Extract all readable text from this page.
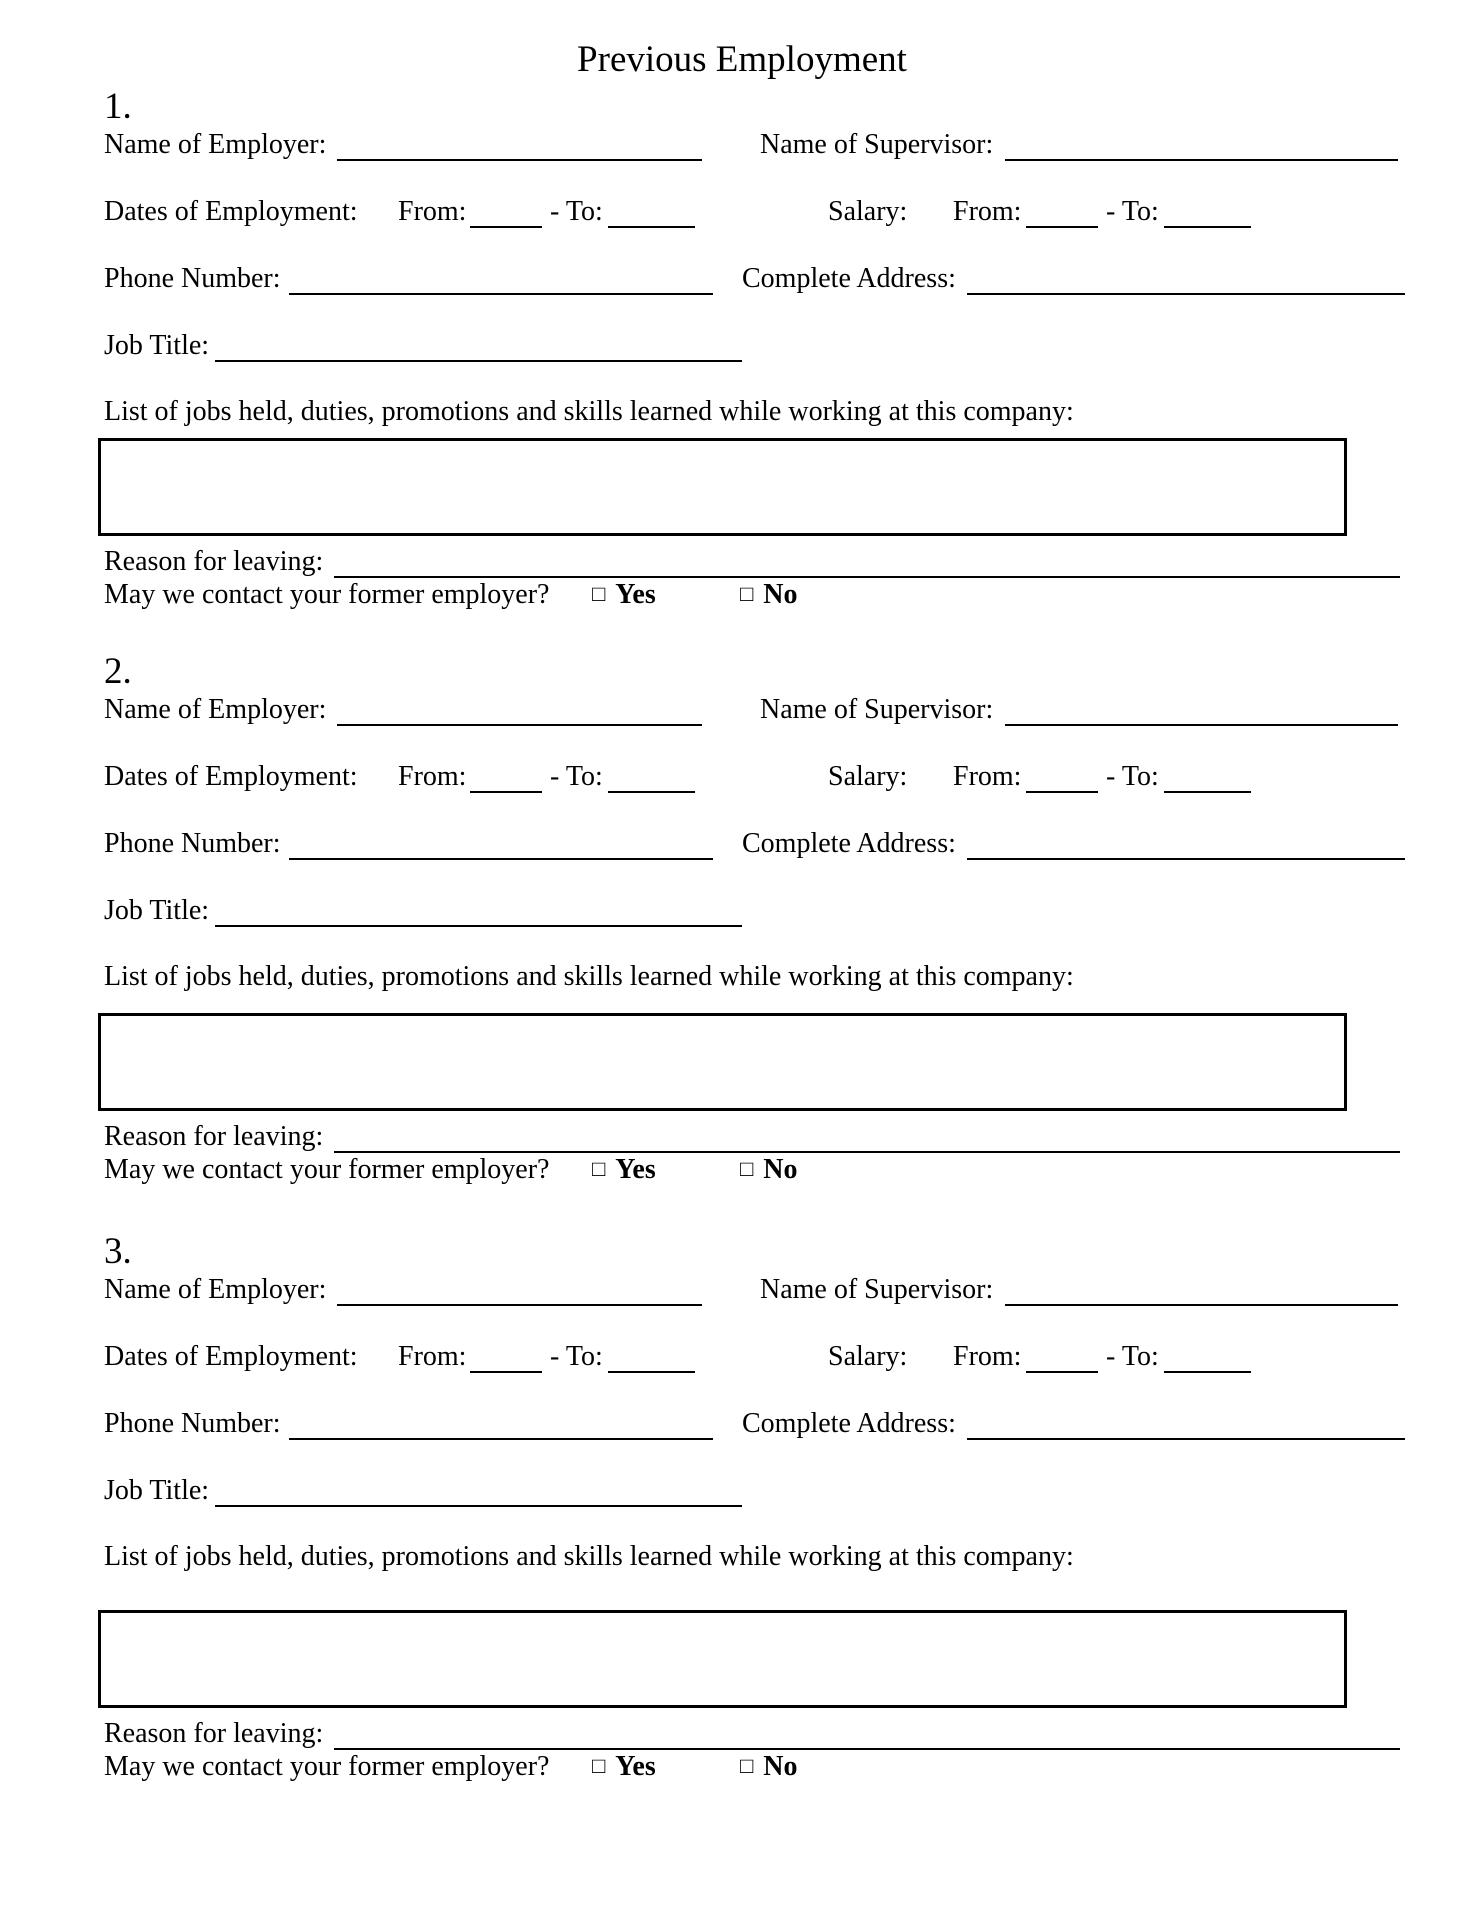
Previous Employment
1.
Name of Employer:	Name of Supervisor:
Dates of Employment: From:	- To:	Salary: From:	- To:
Phone Number:	Complete Address:
Job Title:
List of jobs held, duties, promotions and skills learned while working at this company:
Reason for leaving:
May we contact your former employer? □ Yes	□ No
2.
Name of Employer:	Name of Supervisor:
Dates of Employment: From:	- To:	Salary: From:	- To:
Phone Number:	Complete Address:
Job Title:
List of jobs held, duties, promotions and skills learned while working at this company:
Reason for leaving:
May we contact your former employer? □ Yes	□ No
3.
Name of Employer:	Name of Supervisor:
Dates of Employment: From:	- To:	Salary: From:	- To:
Phone Number:	Complete Address:
Job Title:
List of jobs held, duties, promotions and skills learned while working at this company:
Reason for leaving:
May we contact your former employer? □ Yes	□ No
